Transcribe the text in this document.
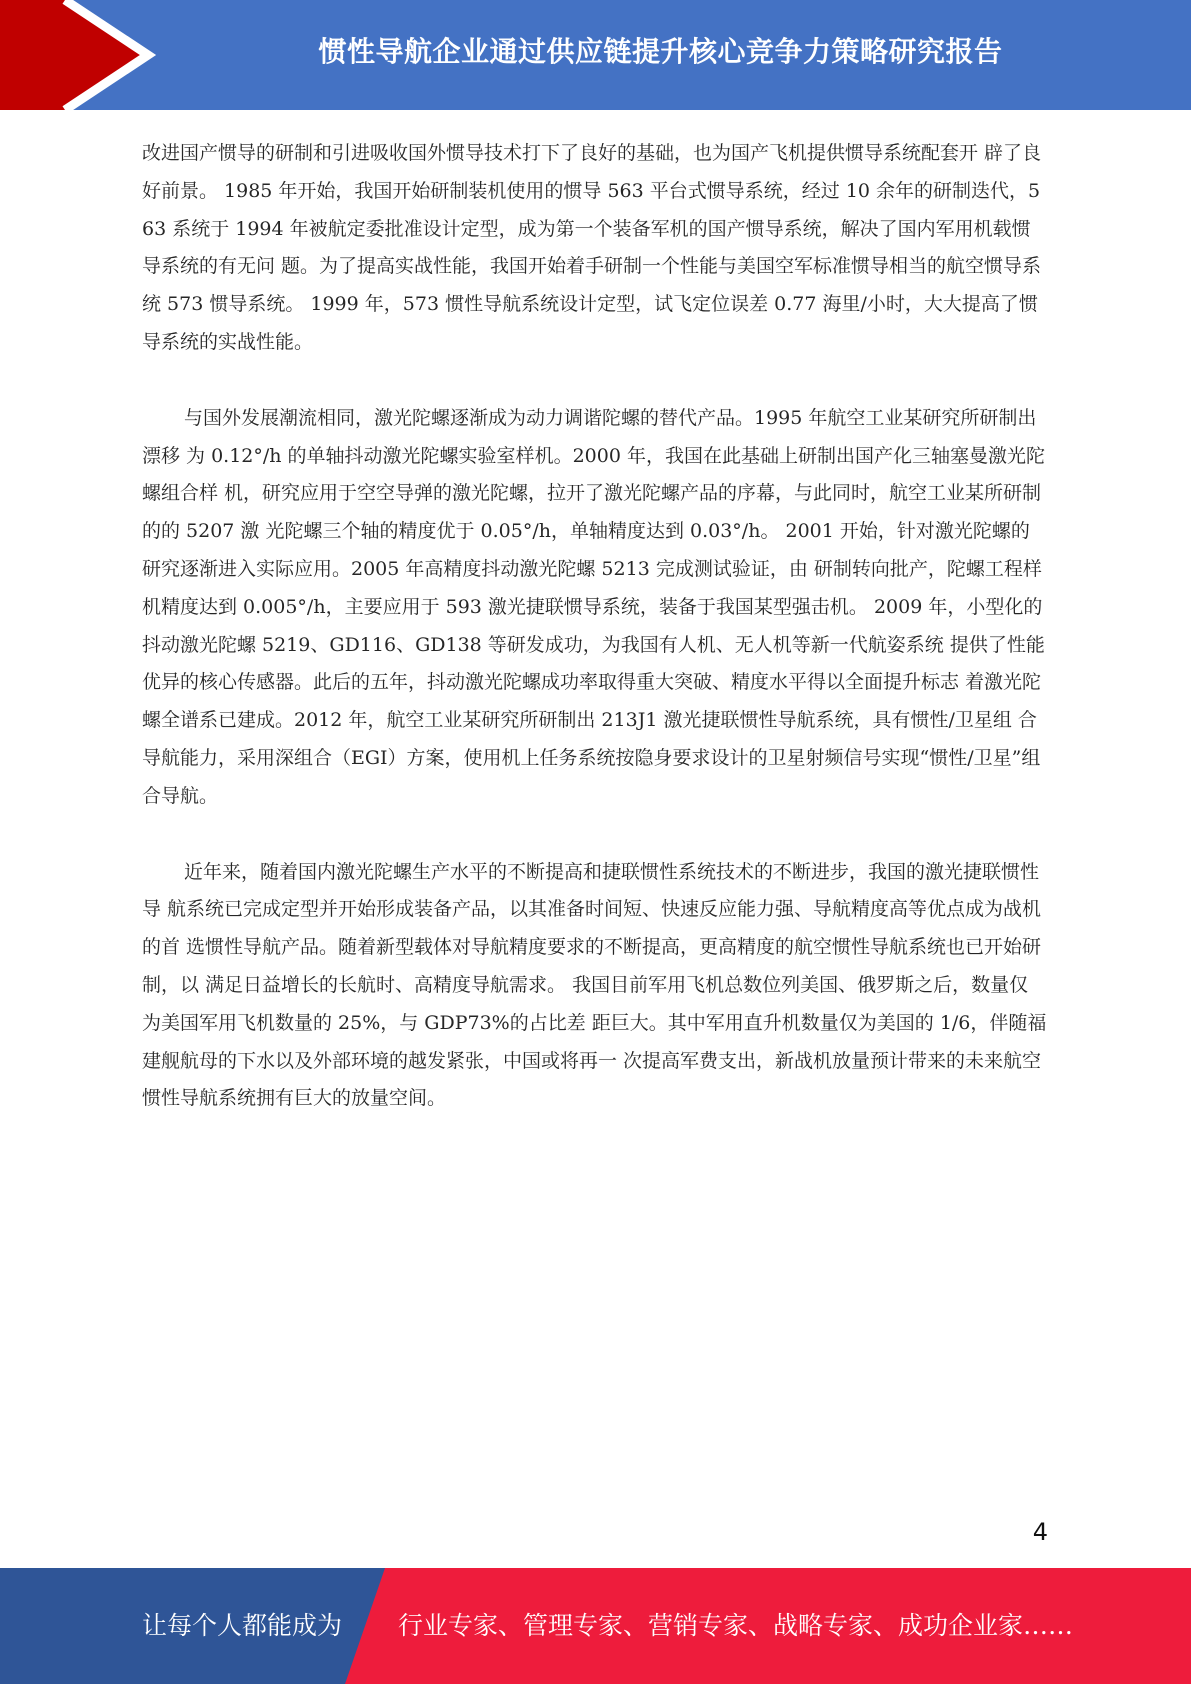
惯性导航企业通过供应链提升核心竞争力策略研究报告

改进国产惯导的研制和引进吸收国外惯导技术打下了良好的基础，也为国产飞机提供惯导系统配套开 辟了良好前景。 1985 年开始，我国开始研制装机使用的惯导 563 平台式惯导系统，经过 10 余年的研制迭代，563 系统于 1994 年被航定委批准设计定型，成为第一个装备军机的国产惯导系统，解决了国内军用机载惯导系统的有无问 题。为了提高实战性能，我国开始着手研制一个性能与美国空军标准惯导相当的航空惯导系统 573 惯导系统。 1999 年，573 惯性导航系统设计定型，试飞定位误差 0.77 海里/小时，大大提高了惯导系统的实战性能。

与国外发展潮流相同，激光陀螺逐渐成为动力调谐陀螺的替代产品。1995 年航空工业某研究所研制出漂移 为 0.12°/h 的单轴抖动激光陀螺实验室样机。2000 年，我国在此基础上研制出国产化三轴塞曼激光陀螺组合样 机，研究应用于空空导弹的激光陀螺，拉开了激光陀螺产品的序幕，与此同时，航空工业某所研制的的 5207 激 光陀螺三个轴的精度优于 0.05°/h，单轴精度达到 0.03°/h。 2001 开始，针对激光陀螺的研究逐渐进入实际应用。2005 年高精度抖动激光陀螺 5213 完成测试验证，由 研制转向批产，陀螺工程样机精度达到 0.005°/h，主要应用于 593 激光捷联惯导系统，装备于我国某型强击机。 2009 年，小型化的抖动激光陀螺 5219、GD116、GD138 等研发成功，为我国有人机、无人机等新一代航姿系统 提供了性能优异的核心传感器。此后的五年，抖动激光陀螺成功率取得重大突破、精度水平得以全面提升标志 着激光陀螺全谱系已建成。2012 年，航空工业某研究所研制出 213J1 激光捷联惯性导航系统，具有惯性/卫星组 合导航能力，采用深组合（EGI）方案，使用机上任务系统按隐身要求设计的卫星射频信号实现“惯性/卫星”组 合导航。

近年来，随着国内激光陀螺生产水平的不断提高和捷联惯性系统技术的不断进步，我国的激光捷联惯性导 航系统已完成定型并开始形成装备产品，以其准备时间短、快速反应能力强、导航精度高等优点成为战机的首 选惯性导航产品。随着新型载体对导航精度要求的不断提高，更高精度的航空惯性导航系统也已开始研制，以 满足日益增长的长航时、高精度导航需求。 我国目前军用飞机总数位列美国、俄罗斯之后，数量仅为美国军用飞机数量的 25%，与 GDP73%的占比差 距巨大。其中军用直升机数量仅为美国的 1/6，伴随福建舰航母的下水以及外部环境的越发紧张，中国或将再一 次提高军费支出，新战机放量预计带来的未来航空惯性导航系统拥有巨大的放量空间。

4
让每个人都能成为 行业专家、管理专家、营销专家、战略专家、成功企业家……
